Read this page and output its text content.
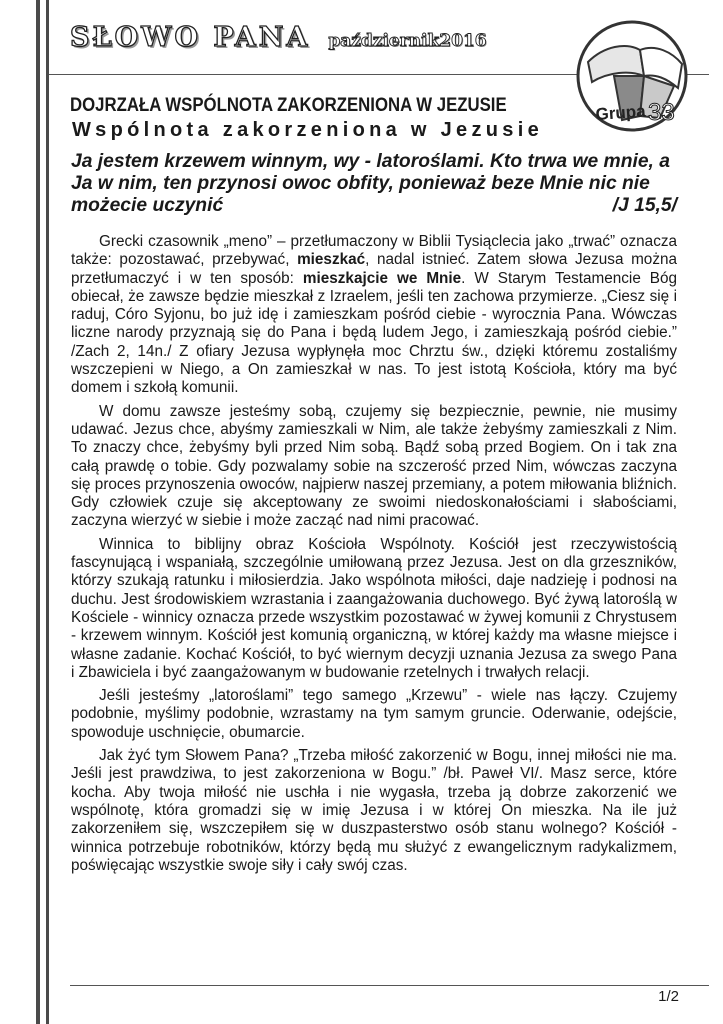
SŁOWO PANA październik2016
Grupa 33
DOJRZAŁA WSPÓLNOTA ZAKORZENIONA W JEZUSIE
Wspólnota zakorzeniona w Jezusie
Ja jestem krzewem winnym, wy - latoroślami. Kto trwa we mnie, a Ja w nim, ten przynosi owoc obfity, ponieważ beze Mnie nic nie możecie uczynić	/J 15,5/

Grecki czasownik „meno” – przetłumaczony w Biblii Tysiąclecia jako „trwać” oznacza także: pozostawać, przebywać, mieszkać, nadal istnieć. Zatem słowa Jezusa można przetłumaczyć i w ten sposób: mieszkajcie we Mnie. W Starym Testamencie Bóg obiecał, że zawsze będzie mieszkał z Izraelem, jeśli ten zachowa przymierze. „Ciesz się i raduj, Córo Syjonu, bo już idę i zamieszkam pośród ciebie - wyrocznia Pana. Wówczas liczne narody przyznają się do Pana i będą ludem Jego, i zamieszkają pośród ciebie.” /Zach 2, 14n./ Z ofiary Jezusa wypłynęła moc Chrztu św., dzięki któremu zostaliśmy wszczepieni w Niego, a On zamieszkał w nas. To jest istotą Kościoła, który ma być domem i szkołą komunii.

W domu zawsze jesteśmy sobą, czujemy się bezpiecznie, pewnie, nie musimy udawać. Jezus chce, abyśmy zamieszkali w Nim, ale także żebyśmy zamieszkali z Nim. To znaczy chce, żebyśmy byli przed Nim sobą. Bądź sobą przed Bogiem. On i tak zna całą prawdę o tobie. Gdy pozwalamy sobie na szczerość przed Nim, wówczas zaczyna się proces przynoszenia owoców, najpierw naszej przemiany, a potem miłowania bliźnich. Gdy człowiek czuje się akceptowany ze swoimi niedoskonałościami i słabościami, zaczyna wierzyć w siebie i może zacząć nad nimi pracować.

Winnica to biblijny obraz Kościoła Wspólnoty. Kościół jest rzeczywistością fascynującą i wspaniałą, szczególnie umiłowaną przez Jezusa. Jest on dla grzeszników, którzy szukają ratunku i miłosierdzia. Jako wspólnota miłości, daje nadzieję i podnosi na duchu. Jest środowiskiem wzrastania i zaangażowania duchowego. Być żywą latoroślą w Kościele - winnicy oznacza przede wszystkim pozostawać w żywej komunii z Chrystusem - krzewem winnym. Kościół jest komunią organiczną, w której każdy ma własne miejsce i własne zadanie. Kochać Kościół, to być wiernym decyzji uznania Jezusa za swego Pana i Zbawiciela i być zaangażowanym w budowanie rzetelnych i trwałych relacji.

Jeśli jesteśmy „latoroślami” tego samego „Krzewu” - wiele nas łączy. Czujemy podobnie, myślimy podobnie, wzrastamy na tym samym gruncie. Oderwanie, odejście, spowoduje uschnięcie, obumarcie.

Jak żyć tym Słowem Pana? „Trzeba miłość zakorzenić w Bogu, innej miłości nie ma. Jeśli jest prawdziwa, to jest zakorzeniona w Bogu.” /bł. Paweł VI/. Masz serce, które kocha. Aby twoja miłość nie uschła i nie wygasła, trzeba ją dobrze zakorzenić we wspólnotę, która gromadzi się w imię Jezusa i w której On mieszka. Na ile już zakorzeniłem się, wszczepiłem się w duszpasterstwo osób stanu wolnego? Kościół - winnica potrzebuje robotników, którzy będą mu służyć z ewangelicznym radykalizmem, poświęcając wszystkie swoje siły i cały swój czas.

1/2
